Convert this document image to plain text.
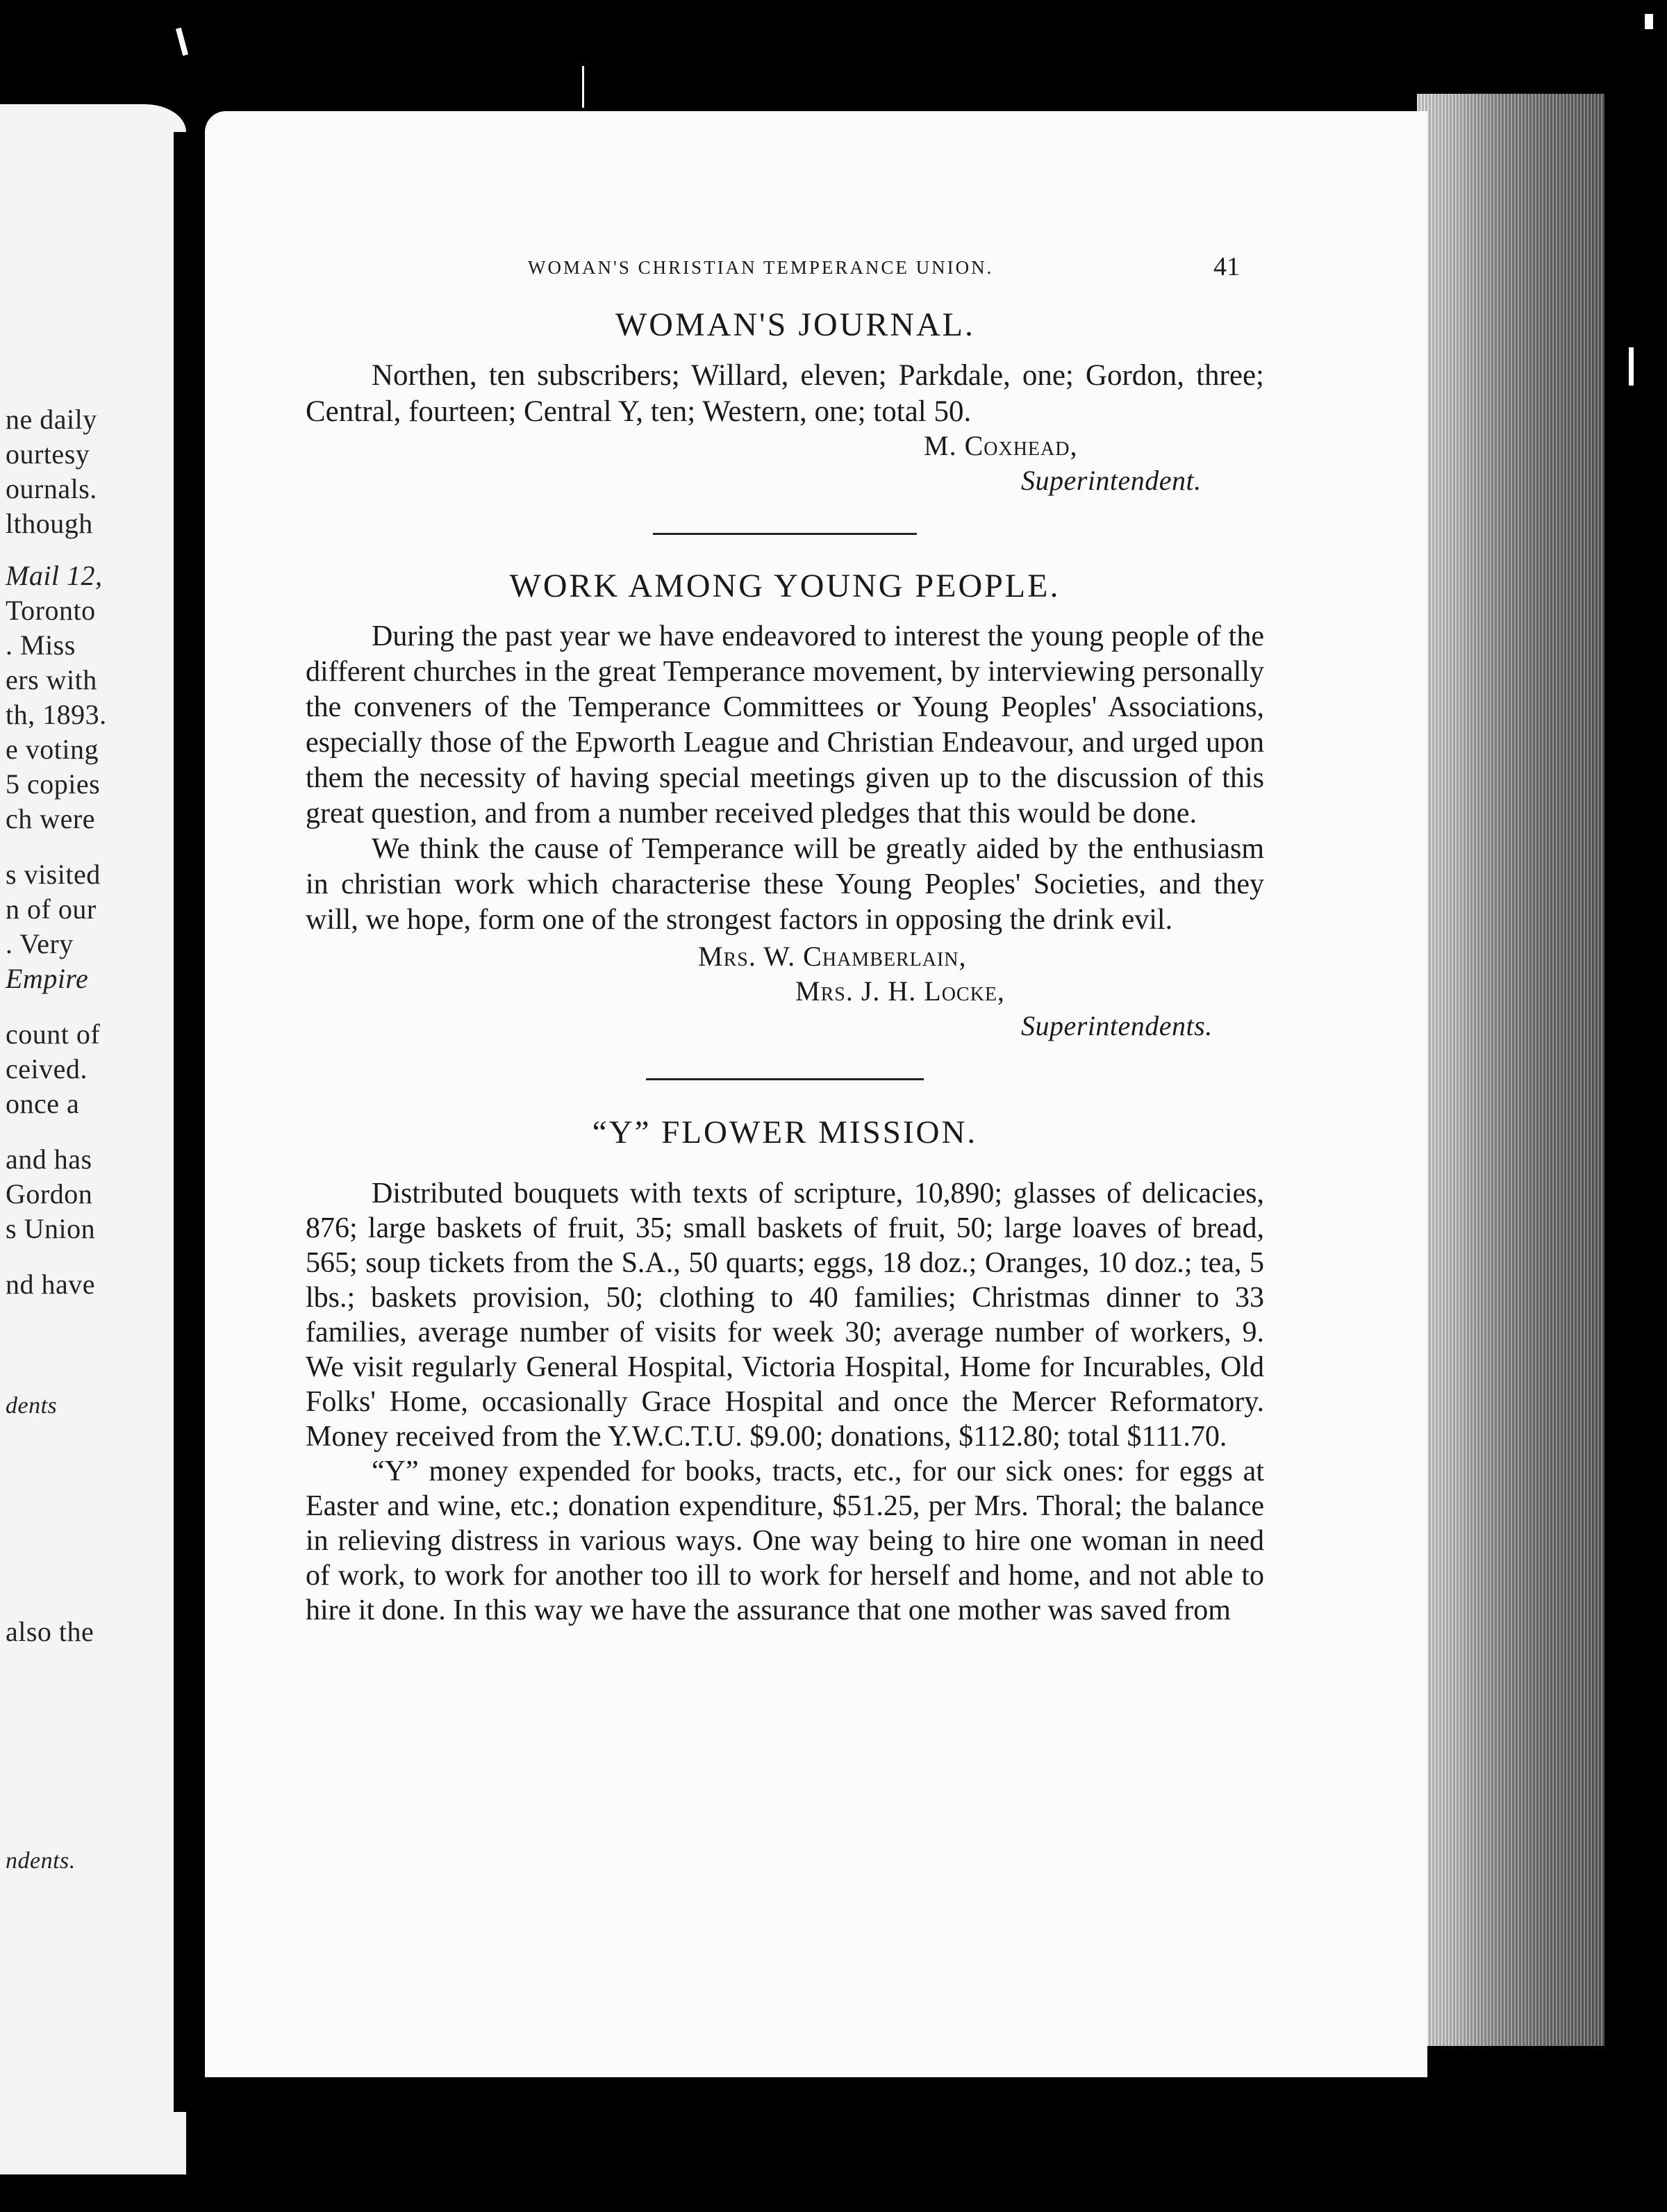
ne daily
ourtesy
ournals.
lthough
Mail 12,
Toronto
. Miss
ers with
th, 1893.
e voting
5 copies
ch were
s visited
n of our
. Very
Empire
count of
ceived.
once a
and has
Gordon
s Union
nd have
dents
also the
ndents.
WOMAN'S CHRISTIAN TEMPERANCE UNION.	41
WOMAN'S JOURNAL.

Northen, ten subscribers; Willard, eleven; Parkdale, one; Gordon, three; Central, fourteen; Central Y, ten; Western, one; total 50.

M. Coxhead,
Superintendent.
WORK AMONG YOUNG PEOPLE.

During the past year we have endeavored to interest the young people of the different churches in the great Temperance movement, by interviewing personally the conveners of the Temperance Committees or Young Peoples' Associations, especially those of the Epworth League and Christian Endeavour, and urged upon them the necessity of having special meetings given up to the discussion of this great question, and from a number received pledges that this would be done.

We think the cause of Temperance will be greatly aided by the enthusiasm in christian work which characterise these Young Peoples' Societies, and they will, we hope, form one of the strongest factors in opposing the drink evil.

Mrs. W. Chamberlain,
Mrs. J. H. Locke,
Superintendents.
“Y” FLOWER MISSION.

Distributed bouquets with texts of scripture, 10,890; glasses of delicacies, 876; large baskets of fruit, 35; small baskets of fruit, 50; large loaves of bread, 565; soup tickets from the S.A., 50 quarts; eggs, 18 doz.; Oranges, 10 doz.; tea, 5 lbs.; baskets provision, 50; clothing to 40 families; Christmas dinner to 33 families, average number of visits for week 30; average number of workers, 9. We visit regularly General Hospital, Victoria Hospital, Home for Incurables, Old Folks' Home, occasionally Grace Hospital and once the Mercer Reformatory. Money received from the Y.W.C.T.U. $9.00; donations, $112.80; total $111.70.

“Y” money expended for books, tracts, etc., for our sick ones: for eggs at Easter and wine, etc.; donation expenditure, $51.25, per Mrs. Thoral; the balance in relieving distress in various ways. One way being to hire one woman in need of work, to work for another too ill to work for herself and home, and not able to hire it done. In this way we have the assurance that one mother was saved from
